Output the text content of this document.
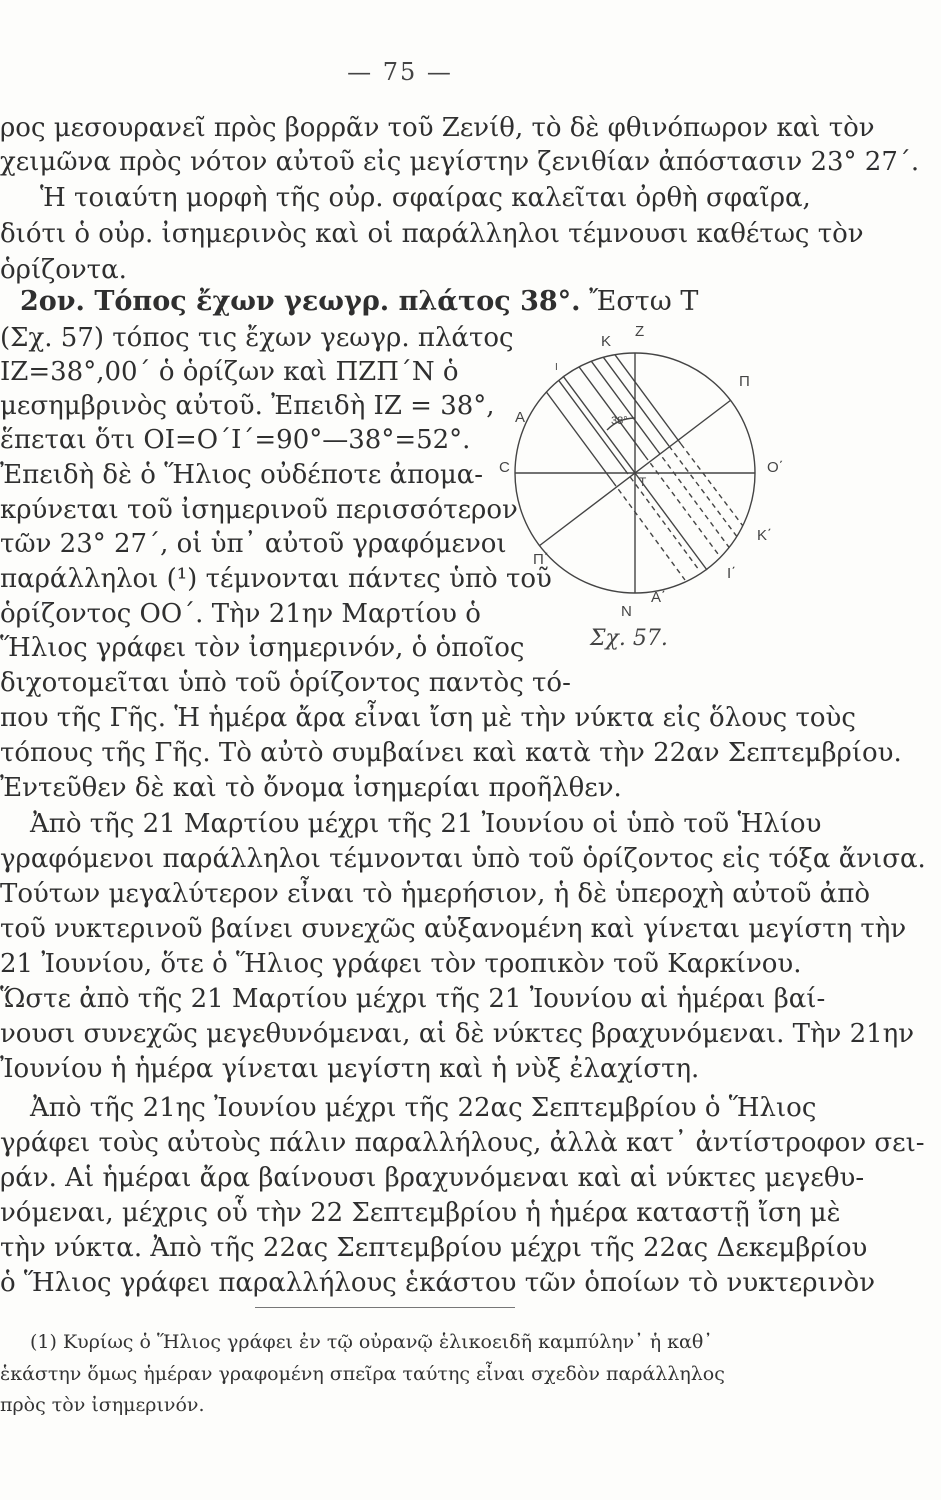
— 75 —
ρος μεσουρανεῖ πρὸς βορρᾶν τοῦ Ζενίθ, τὸ δὲ φθινόπωρον καὶ τὸν
χειμῶνα πρὸς νότον αὐτοῦ εἰς μεγίστην ζενιθίαν ἀπόστασιν 23° 27΄.
Ἡ τοιαύτη μορφὴ τῆς οὐρ. σφαίρας καλεῖται ὀρθὴ σφαῖρα,
διότι ὁ οὐρ. ἰσημερινὸς καὶ οἱ παράλληλοι τέμνουσι καθέτως τὸν
ὁρίζοντα.
2ον. Τόπος ἔχων γεωγρ. πλάτος 38°. Ἔστω Τ
(Σχ. 57) τόπος τις ἔχων γεωγρ. πλάτος
ΙΖ=38°,00΄ ὁ ὁρίζων καὶ ΠΖΠ΄Ν ὁ
μεσημβρινὸς αὐτοῦ. Ἐπειδὴ ΙΖ = 38°,
ἕπεται ὅτι ΟΙ=Ο΄Ι΄=90°—38°=52°.
Ἐπειδὴ δὲ ὁ Ἥλιος οὐδέποτε ἀπομα-
κρύνεται τοῦ ἰσημερινοῦ περισσότερον
τῶν 23° 27΄, οἱ ὑπ᾽ αὐτοῦ γραφόμενοι
παράλληλοι (¹) τέμνονται πάντες ὑπὸ τοῦ
ὁρίζοντος ΟΟ΄. Τὴν 21ην Μαρτίου ὁ
Ἥλιος γράφει τὸν ἰσημερινόν, ὁ ὁποῖος
διχοτομεῖται ὑπὸ τοῦ ὁρίζοντος παντὸς τό-
που τῆς Γῆς. Ἡ ἡμέρα ἄρα εἶναι ἴση μὲ τὴν νύκτα εἰς ὅλους τοὺς
τόπους τῆς Γῆς. Τὸ αὐτὸ συμβαίνει καὶ κατὰ τὴν 22αν Σεπτεμβρίου.
Ἐντεῦθεν δὲ καὶ τὸ ὄνομα ἰσημερίαι προῆλθεν.
Ἀπὸ τῆς 21 Μαρτίου μέχρι τῆς 21 Ἰουνίου οἱ ὑπὸ τοῦ Ἡλίου
γραφόμενοι παράλληλοι τέμνονται ὑπὸ τοῦ ὁρίζοντος εἰς τόξα ἄνισα.
Τούτων μεγαλύτερον εἶναι τὸ ἡμερήσιον, ἡ δὲ ὑπεροχὴ αὐτοῦ ἀπὸ
τοῦ νυκτερινοῦ βαίνει συνεχῶς αὐξανομένη καὶ γίνεται μεγίστη τὴν
21 Ἰουνίου, ὅτε ὁ Ἥλιος γράφει τὸν τροπικὸν τοῦ Καρκίνου.
Ὥστε ἀπὸ τῆς 21 Μαρτίου μέχρι τῆς 21 Ἰουνίου αἱ ἡμέραι βαί-
νουσι συνεχῶς μεγεθυνόμεναι, αἱ δὲ νύκτες βραχυνόμεναι. Τὴν 21ην
Ἰουνίου ἡ ἡμέρα γίνεται μεγίστη καὶ ἡ νὺξ ἐλαχίστη.
Ἀπὸ τῆς 21ης Ἰουνίου μέχρι τῆς 22ας Σεπτεμβρίου ὁ Ἥλιος
γράφει τοὺς αὐτοὺς πάλιν παραλλήλους, ἀλλὰ κατ᾽ ἀντίστροφον σει-
ράν. Αἱ ἡμέραι ἄρα βαίνουσι βραχυνόμεναι καὶ αἱ νύκτες μεγεθυ-
νόμεναι, μέχρις οὗ τὴν 22 Σεπτεμβρίου ἡ ἡμέρα καταστῇ ἴση μὲ
τὴν νύκτα. Ἀπὸ τῆς 22ας Σεπτεμβρίου μέχρι τῆς 22ας Δεκεμβρίου
ὁ Ἥλιος γράφει παραλλήλους ἑκάστου τῶν ὁποίων τὸ νυκτερινὸν
(1) Κυρίως ὁ Ἥλιος γράφει ἐν τῷ οὐρανῷ ἑλικοειδῆ καμπύλην᾽ ἡ καθ᾽
ἑκάστην ὅμως ἡμέραν γραφομένη σπεῖρα ταύτης εἶναι σχεδὸν παράλληλος
πρὸς τὸν ἰσημερινόν.
K
Z
Π
A	38°
C	O΄
T
K΄
Π΄
I΄
N
A΄
I
Σχ. 57.
